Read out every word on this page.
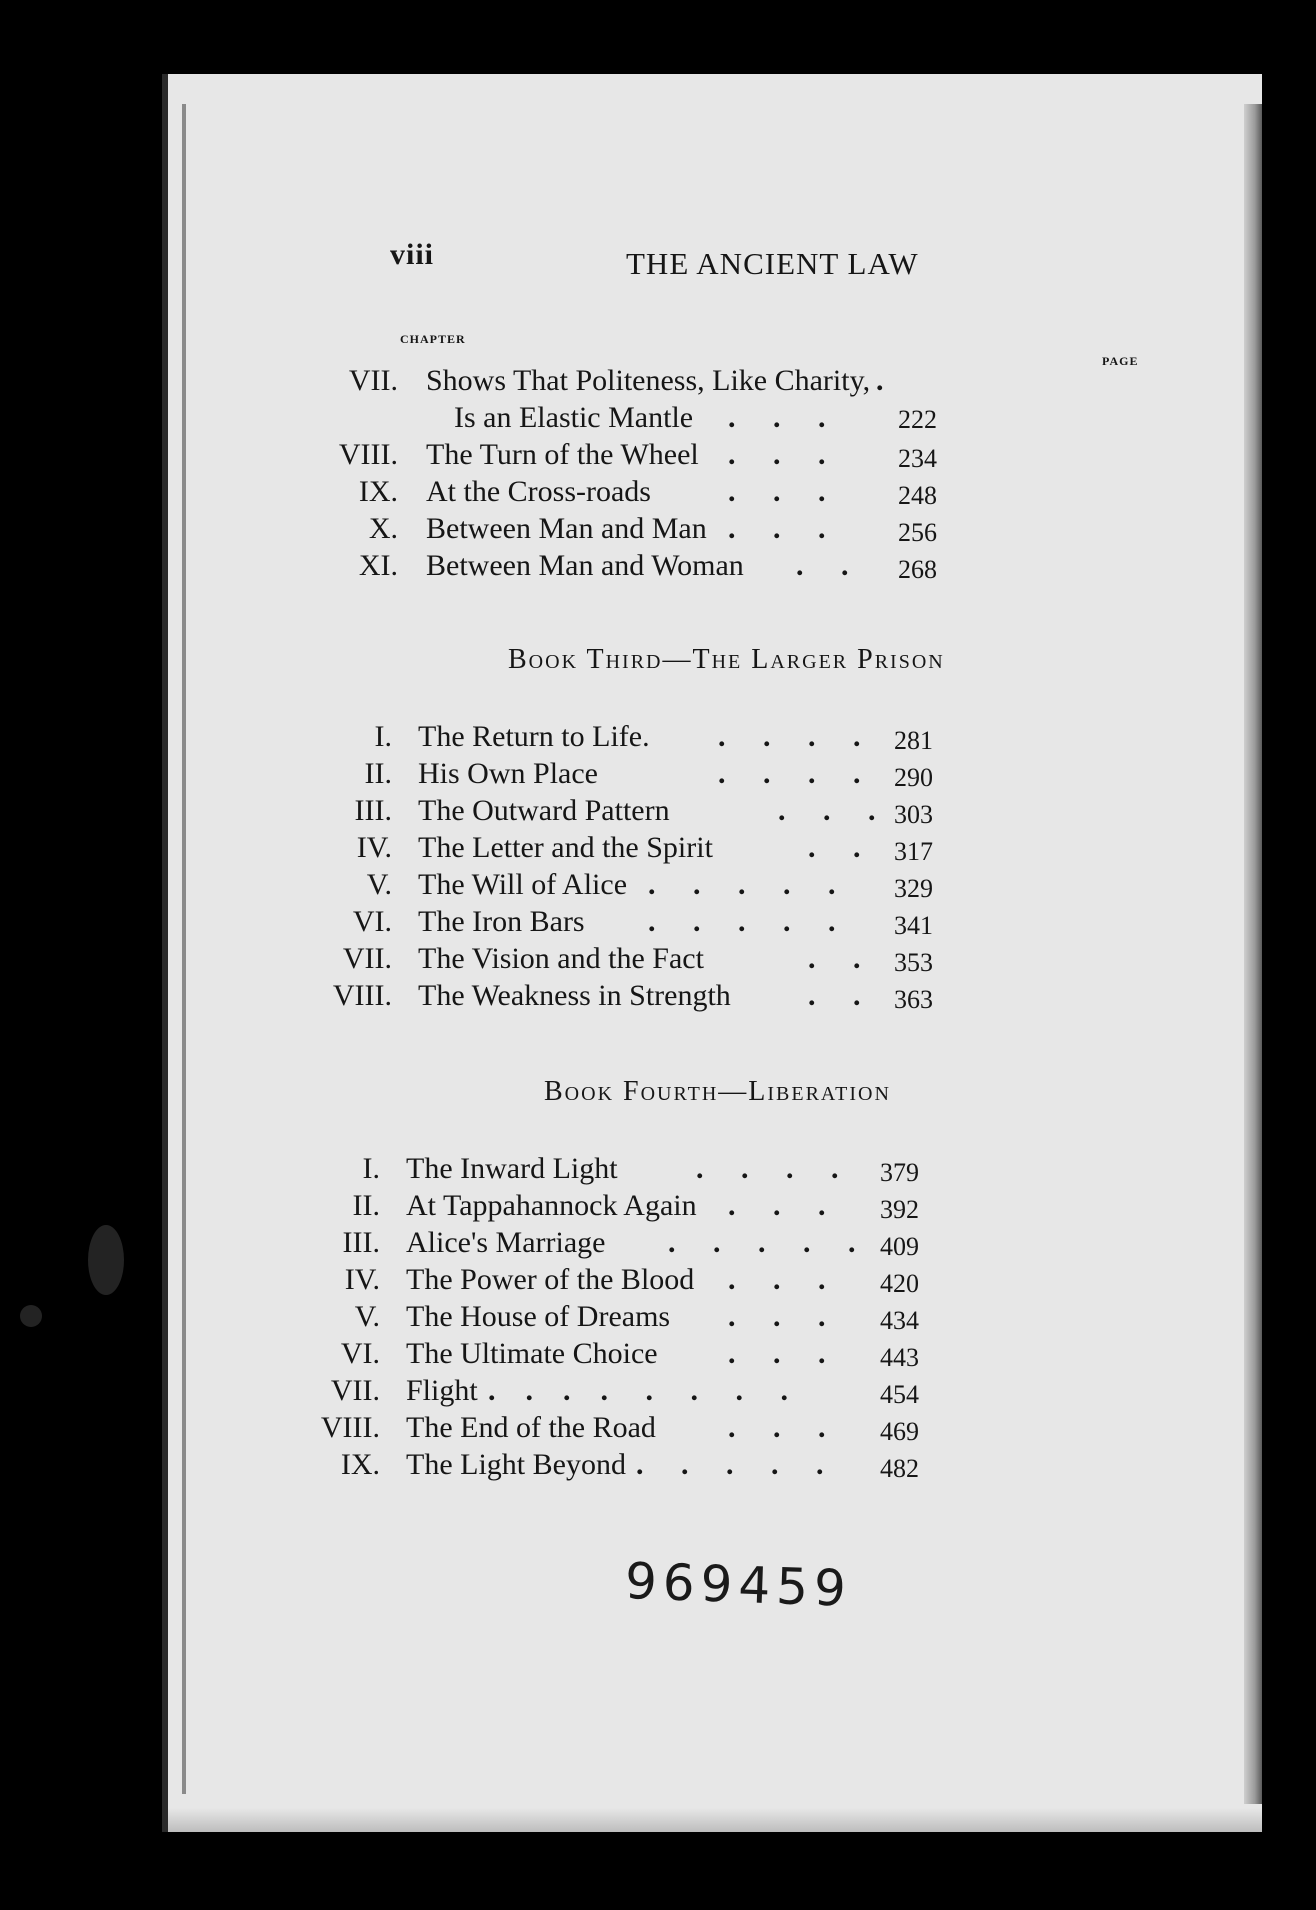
viii	THE ANCIENT LAW
CHAPTER
PAGE
VII. Shows That Politeness, Like Charity, .
Is an Elastic Mantle .     .     .	222
VIII. The Turn of the Wheel .     .     .	234
IX. At the Cross-roads	.     .     .	248
X. Between Man and Man .     .     .	256
XI. Between Man and Woman .     . 268
Book Third—The Larger Prison
I. The Return to Life. .     .     .     . 281
II. His Own Place	.     .     .     . 290
III. The Outward Pattern	.     .     . 303
IV. The Letter and the Spirit	.     . 317
V. The Will of Alice .     .     .     .     . 329
VI. The Iron Bars .     .     .     .     . 341
VII. The Vision and the Fact	.     . 353
VIII. The Weakness in Strength	.     . 363
Book Fourth—Liberation
I. The Inward Light	.     .     .     . 379
II. At Tappahannock Again .     .     . 392
III. Alice's Marriage .     .     .     .     . 409
IV. The Power of the Blood .     .     . 420
V. The House of Dreams .     .     . 434
VI. The Ultimate Choice .     .     . 443
VII. Flight .    .    .    .     .     .     .     .	454
VIII. The End of the Road .     .     . 469
IX. The Light Beyond .     .     .     .     . 482
969459
